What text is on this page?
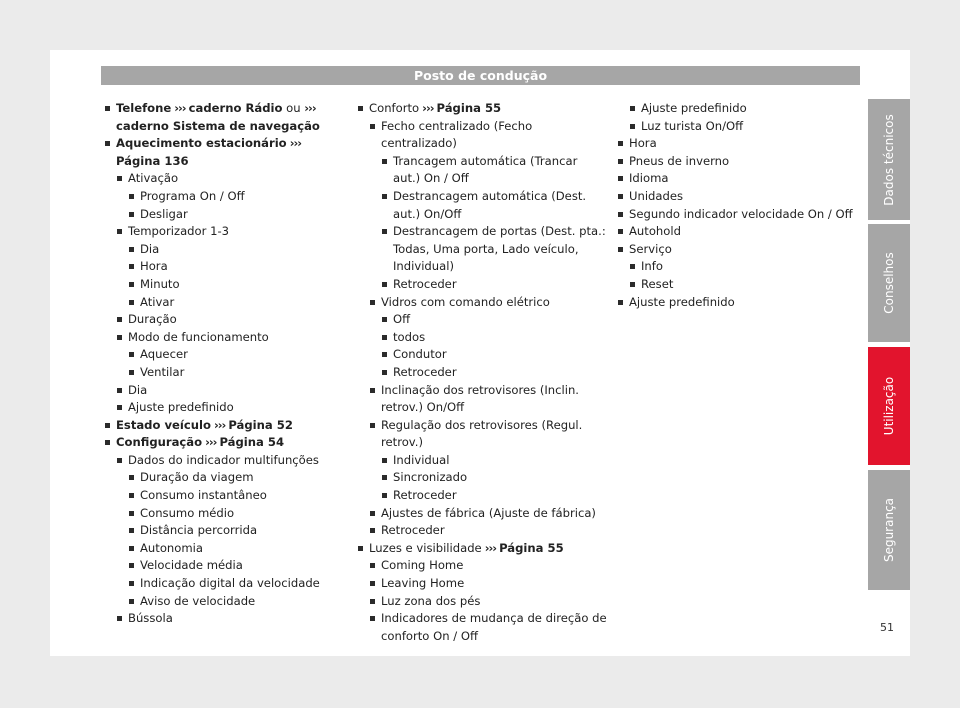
Posto de condução
Telefone ››› caderno Rádio ou ››› caderno Sistema de navegação
Aquecimento estacionário ››› Página 136
Ativação
Programa On / Off
Desligar
Temporizador 1-3
Dia
Hora
Minuto
Ativar
Duração
Modo de funcionamento
Aquecer
Ventilar
Dia
Ajuste predefinido
Estado veículo ››› Página 52
Configuração ››› Página 54
Dados do indicador multifunções
Duração da viagem
Consumo instantâneo
Consumo médio
Distância percorrida
Autonomia
Velocidade média
Indicação digital da velocidade
Aviso de velocidade
Bússola
Conforto ››› Página 55
Fecho centralizado (Fecho centralizado)
Trancagem automática (Trancar aut.) On / Off
Destrancagem automática (Dest. aut.) On/Off
Destrancagem de portas (Dest. pta.: Todas, Uma porta, Lado veículo, Individual)
Retroceder
Vidros com comando elétrico
Off
todos
Condutor
Retroceder
Inclinação dos retrovisores (Inclin. retrov.) On/Off
Regulação dos retrovisores (Regul. retrov.)
Individual
Sincronizado
Retroceder
Ajustes de fábrica (Ajuste de fábrica)
Retroceder
Luzes e visibilidade ››› Página 55
Coming Home
Leaving Home
Luz zona dos pés
Indicadores de mudança de direção de conforto On / Off
Ajuste predefinido
Luz turista On/Off
Hora
Pneus de inverno
Idioma
Unidades
Segundo indicador velocidade On / Off
Autohold
Serviço
Info
Reset
Ajuste predefinido
Dados técnicos
Conselhos
Utilização
Segurança
51
